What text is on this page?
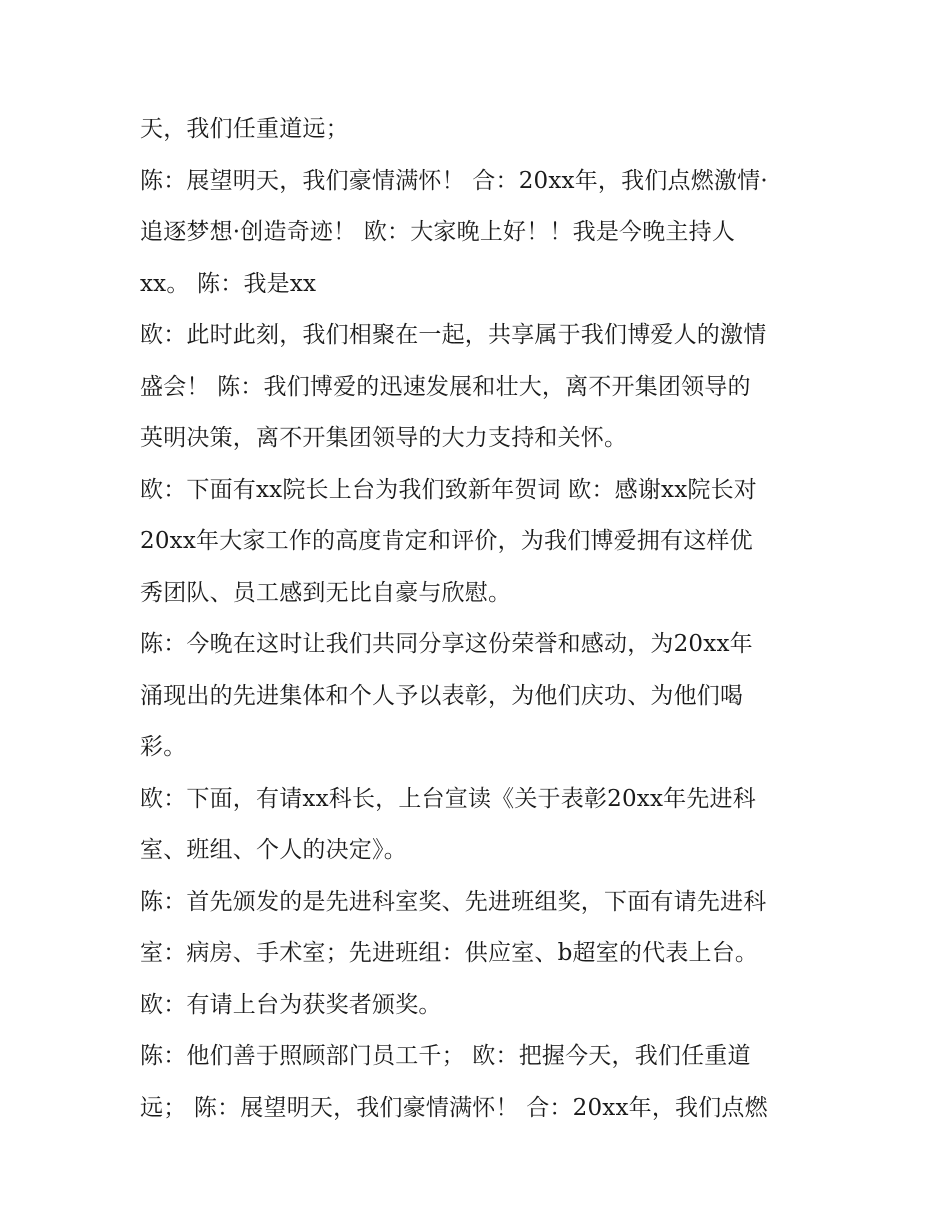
天，我们任重道远；
陈：展望明天，我们豪情满怀！ 合：20xx年，我们点燃激情·
追逐梦想·创造奇迹！ 欧：大家晚上好！！我是今晚主持人
xx。 陈：我是xx
欧：此时此刻，我们相聚在一起，共享属于我们博爱人的激情
盛会！ 陈：我们博爱的迅速发展和壮大，离不开集团领导的
英明决策，离不开集团领导的大力支持和关怀。
欧：下面有xx院长上台为我们致新年贺词 欧：感谢xx院长对
20xx年大家工作的高度肯定和评价，为我们博爱拥有这样优
秀团队、员工感到无比自豪与欣慰。
陈：今晚在这时让我们共同分享这份荣誉和感动，为20xx年
涌现出的先进集体和个人予以表彰，为他们庆功、为他们喝
彩。
欧：下面，有请xx科长，上台宣读《关于表彰20xx年先进科
室、班组、个人的决定》。
陈：首先颁发的是先进科室奖、先进班组奖，下面有请先进科
室：病房、手术室；先进班组：供应室、b超室的代表上台。
欧：有请上台为获奖者颁奖。
陈：他们善于照顾部门员工千； 欧：把握今天，我们任重道
远； 陈：展望明天，我们豪情满怀！ 合：20xx年，我们点燃
